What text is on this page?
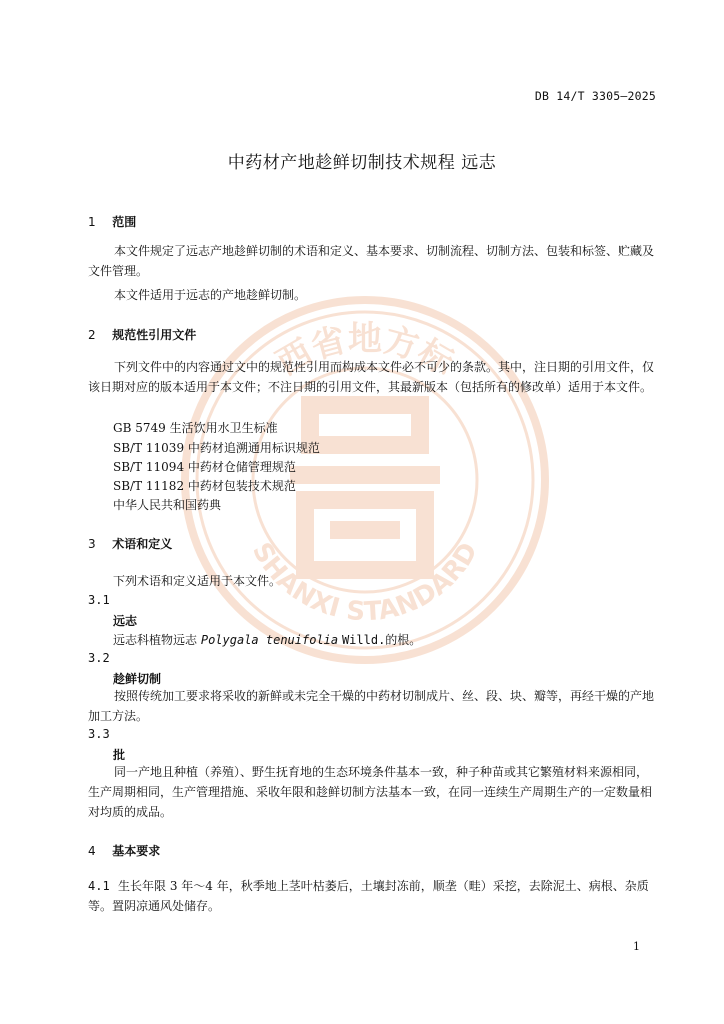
西省地方标
SHANXI STANDARD
DB 14/T 3305—2025
中药材产地趁鲜切制技术规程 远志
1 范围
本文件规定了远志产地趁鲜切制的术语和定义、基本要求、切制流程、切制方法、包装和标签、贮藏及文件管理。
本文件适用于远志的产地趁鲜切制。
2 规范性引用文件
下列文件中的内容通过文中的规范性引用而构成本文件必不可少的条款。其中，注日期的引用文件，仅该日期对应的版本适用于本文件；不注日期的引用文件，其最新版本（包括所有的修改单）适用于本文件。
GB 5749 生活饮用水卫生标准
SB/T 11039 中药材追溯通用标识规范
SB/T 11094 中药材仓储管理规范
SB/T 11182 中药材包装技术规范
中华人民共和国药典
3 术语和定义
下列术语和定义适用于本文件。
3.1
远志
远志科植物远志 Polygala tenuifolia Willd.的根。
3.2
趁鲜切制
按照传统加工要求将采收的新鲜或未完全干燥的中药材切制成片、丝、段、块、瓣等，再经干燥的产地加工方法。
3.3
批
同一产地且种植（养殖）、野生抚育地的生态环境条件基本一致，种子种苗或其它繁殖材料来源相同，生产周期相同，生产管理措施、采收年限和趁鲜切制方法基本一致，在同一连续生产周期生产的一定数量相对均质的成品。
4 基本要求
4.1 生长年限 3 年～4 年，秋季地上茎叶枯萎后，土壤封冻前，顺垄（畦）采挖，去除泥土、病根、杂质等。置阴凉通风处储存。
1
